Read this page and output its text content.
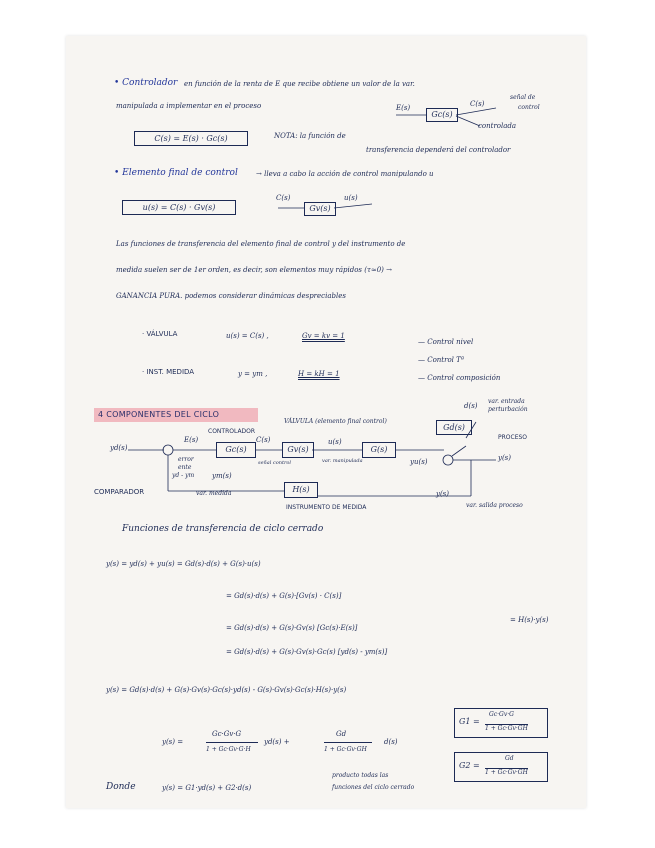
• Controlador en función de la renta de E que recibe obtiene un valor de la var.
manipulada a implementar en el proceso
C(s) = E(s) · Gc(s)	NOTA: la función de
transferencia dependerá del controlador
E(s)
Gc(s)
C(s)
señal de
control
controlada
• Elemento final de control	→ lleva a cabo la acción de control manipulando u
u(s) = C(s) · Gv(s)
C(s)
Gv(s)
u(s)
Las funciones de transferencia del elemento final de control y del instrumento de
medida suelen ser de 1er orden, es decir, son elementos muy rápidos (τ≈0) →
GANANCIA PURA. podemos considerar dinámicas despreciables
· VÁLVULA	u(s) = C(s) ,	Gv = kv = 1
· INST. MEDIDA	y = ym ,	H = kH = 1
— Control nivel
— Control Tª
— Control composición
4 COMPONENTES DEL CICLO
yd(s)
E(s)
error
ente
yd - ym
CONTROLADOR
Gc(s)
C(s)
señal control
VÁLVULA (elemento final control)
Gv(s)
u(s)
var. manipulada
G(s)
yu(s)
d(s)
var. entrada
perturbación
Gd(s)
PROCESO
y(s)
ym(s)
var. medida	H(s)
INSTRUMENTO DE MEDIDA
y(s)
var. salida proceso
COMPARADOR
Funciones de transferencia de ciclo cerrado
y(s) = yd(s) + yu(s) = Gd(s)·d(s) + G(s)·u(s)
= Gd(s)·d(s) + G(s)·[Gv(s) · C(s)]
= Gd(s)·d(s) + G(s)·Gv(s) [Gc(s)·E(s)]
= H(s)·y(s)
= Gd(s)·d(s) + G(s)·Gv(s)·Gc(s) [yd(s) - ym(s)]
y(s) = Gd(s)·d(s) + G(s)·Gv(s)·Gc(s)·yd(s) - G(s)·Gv(s)·Gc(s)·H(s)·y(s)
y(s) =
Gc·Gv·G
1 + Gc·Gv·G·H
yd(s) +
Gd
1 + Gc·Gv·GH
d(s)
G1 =
Gc·Gv·G
1 + Gc·Gv·GH
G2 =
Gd
1 + Gc·Gv·GH
Donde	y(s) = G1·yd(s) + G2·d(s)
producto todas las
funciones del ciclo cerrado
